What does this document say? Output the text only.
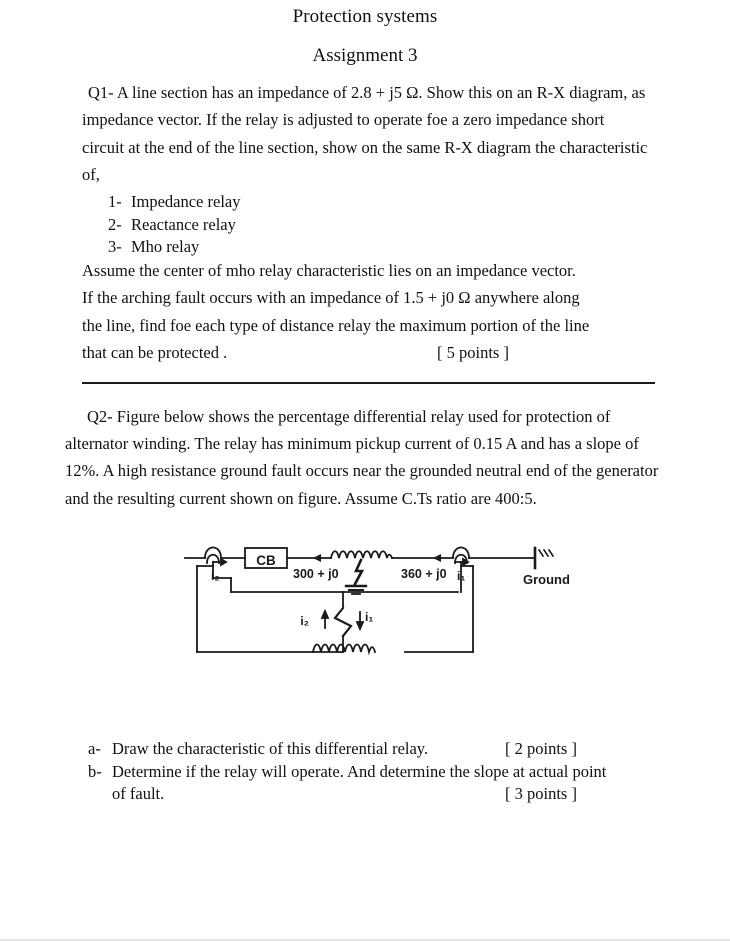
Protection systems
Assignment 3
Q1- A line section has an impedance of 2.8 + j5 Ω. Show this on an R-X diagram, as impedance vector. If the relay is adjusted to operate foe a zero impedance short circuit at the end of the line section, show on the same R-X diagram the characteristic of,
1- Impedance relay
2- Reactance relay
3- Mho relay
Assume the center of mho relay characteristic lies on an impedance vector.
If the arching fault occurs with an impedance of 1.5 + j0 Ω anywhere along
the line, find foe each type of distance relay the maximum portion of the line
that can be protected .	[ 5 points ]
Q2- Figure below shows the percentage differential relay used for protection of alternator winding. The relay has minimum pickup current of 0.15 A and has a slope of 12%. A high resistance ground fault occurs near the grounded neutral end of the generator and the resulting current shown on figure. Assume C.Ts ratio are 400:5.
CB
300 + j0	360 + j0
i₂	i₁
i₂	i₁
Ground
a- Draw the characteristic of this differential relay.	[ 2 points ]
b- Determine if the relay will operate. And determine the slope at actual point
of fault.	[ 3 points ]
